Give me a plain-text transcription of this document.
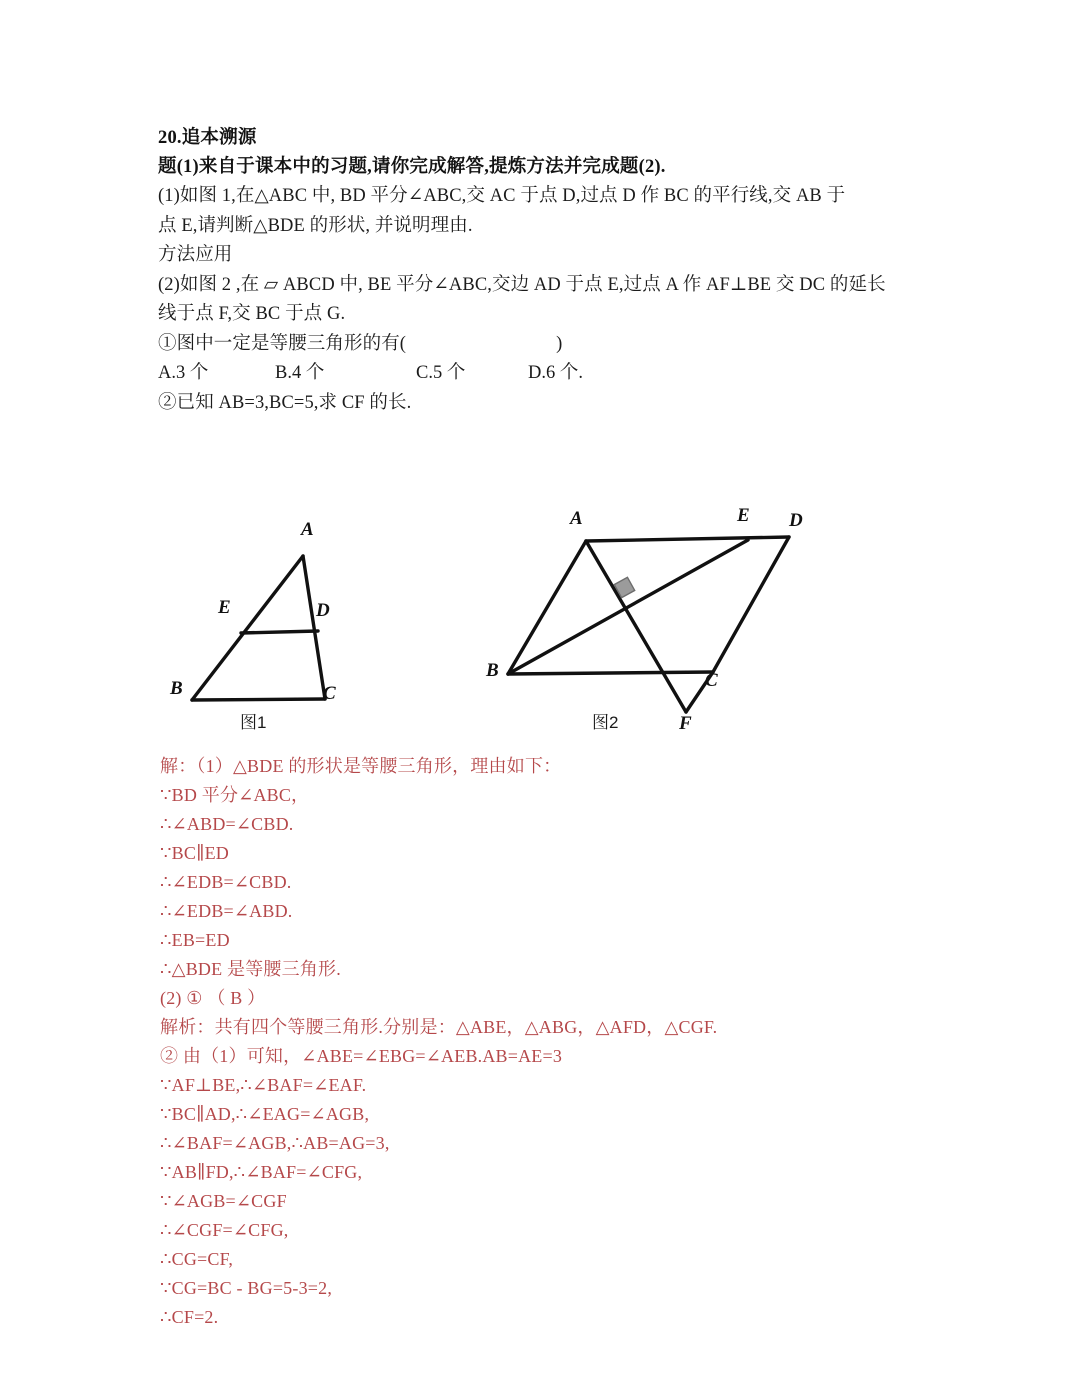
20.追本溯源
题(1)来自于课本中的习题,请你完成解答,提炼方法并完成题(2).
(1)如图 1,在△ABC 中, BD 平分∠ABC,交 AC 于点 D,过点 D 作 BC 的平行线,交 AB 于
点 E,请判断△BDE 的形状, 并说明理由.
方法应用
(2)如图 2 ,在 ▱ ABCD 中, BE 平分∠ABC,交边 AD 于点 E,过点 A 作 AF⊥BE 交 DC 的延长
线于点 F,交 BC 于点 G.
①图中一定是等腰三角形的有(	)
A.3 个	B.4 个	C.5 个	D.6 个.
②已知 AB=3,BC=5,求 CF 的长.
A
B	C
E	D
图1
A	D
B	C
E
F
图2
解：（1）△BDE 的形状是等腰三角形，理由如下：
∵BD 平分∠ABC，
∴∠ABD=∠CBD.
∵BC∥ED
∴∠EDB=∠CBD.
∴∠EDB=∠ABD.
∴EB=ED
∴△BDE 是等腰三角形.
(2) ① （ B ）
解析：共有四个等腰三角形.分别是：△ABE，△ABG，△AFD，△CGF.
② 由（1）可知，∠ABE=∠EBG=∠AEB.AB=AE=3
∵AF⊥BE,∴∠BAF=∠EAF.
∵BC∥AD,∴∠EAG=∠AGB,
∴∠BAF=∠AGB,∴AB=AG=3,
∵AB∥FD,∴∠BAF=∠CFG,
∵∠AGB=∠CGF
∴∠CGF=∠CFG,
∴CG=CF,
∵CG=BC - BG=5-3=2,
∴CF=2.
